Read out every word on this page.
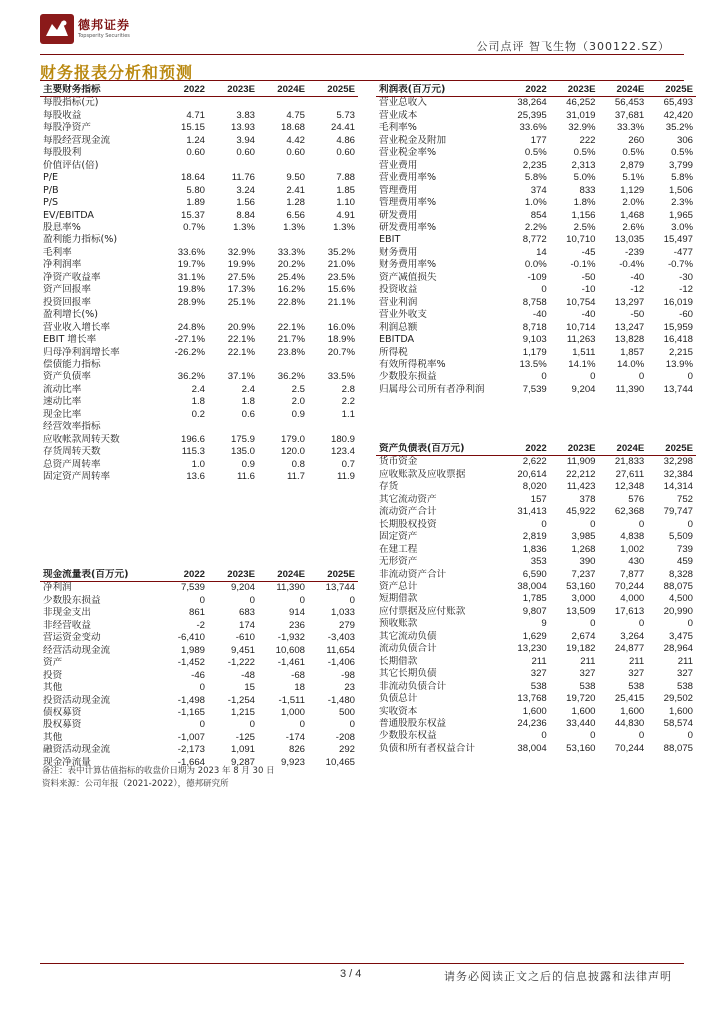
德邦证券
Topsperity Securities
公司点评 智飞生物（300122.SZ）
财务报表分析和预测
主要财务指标	2022	2023E	2024E	2025E
每股指标(元)				
每股收益	4.71	3.83	4.75	5.73
每股净资产	15.15	13.93	18.68	24.41
每股经营现金流	1.24	3.94	4.42	4.86
每股股利	0.60	0.60	0.60	0.60
价值评估(倍)				
P/E	18.64	11.76	9.50	7.88
P/B	5.80	3.24	2.41	1.85
P/S	1.89	1.56	1.28	1.10
EV/EBITDA	15.37	8.84	6.56	4.91
股息率%	0.7%	1.3%	1.3%	1.3%
盈利能力指标(%)				
毛利率	33.6%	32.9%	33.3%	35.2%
净利润率	19.7%	19.9%	20.2%	21.0%
净资产收益率	31.1%	27.5%	25.4%	23.5%
资产回报率	19.8%	17.3%	16.2%	15.6%
投资回报率	28.9%	25.1%	22.8%	21.1%
盈利增长(%)				
营业收入增长率	24.8%	20.9%	22.1%	16.0%
EBIT 增长率	-27.1%	22.1%	21.7%	18.9%
归母净利润增长率	-26.2%	22.1%	23.8%	20.7%
偿债能力指标				
资产负债率	36.2%	37.1%	36.2%	33.5%
流动比率	2.4	2.4	2.5	2.8
速动比率	1.8	1.8	2.0	2.2
现金比率	0.2	0.6	0.9	1.1
经营效率指标				
应收帐款周转天数	196.6	175.9	179.0	180.9
存货周转天数	115.3	135.0	120.0	123.4
总资产周转率	1.0	0.9	0.8	0.7
固定资产周转率	13.6	11.6	11.7	11.9
现金流量表(百万元)	2022	2023E	2024E	2025E
净利润	7,539	9,204	11,390	13,744
少数股东损益	0	0	0	0
非现金支出	861	683	914	1,033
非经营收益	-2	174	236	279
营运资金变动	-6,410	-610	-1,932	-3,403
经营活动现金流	1,989	9,451	10,608	11,654
资产	-1,452	-1,222	-1,461	-1,406
投资	-46	-48	-68	-98
其他	0	15	18	23
投资活动现金流	-1,498	-1,254	-1,511	-1,480
债权募资	-1,165	1,215	1,000	500
股权募资	0	0	0	0
其他	-1,007	-125	-174	-208
融资活动现金流	-2,173	1,091	826	292
现金净流量	-1,664	9,287	9,923	10,465
利润表(百万元)	2022	2023E	2024E	2025E
营业总收入	38,264	46,252	56,453	65,493
营业成本	25,395	31,019	37,681	42,420
毛利率%	33.6%	32.9%	33.3%	35.2%
营业税金及附加	177	222	260	306
营业税金率%	0.5%	0.5%	0.5%	0.5%
营业费用	2,235	2,313	2,879	3,799
营业费用率%	5.8%	5.0%	5.1%	5.8%
管理费用	374	833	1,129	1,506
管理费用率%	1.0%	1.8%	2.0%	2.3%
研发费用	854	1,156	1,468	1,965
研发费用率%	2.2%	2.5%	2.6%	3.0%
EBIT	8,772	10,710	13,035	15,497
财务费用	14	-45	-239	-477
财务费用率%	0.0%	-0.1%	-0.4%	-0.7%
资产减值损失	-109	-50	-40	-30
投资收益	0	-10	-12	-12
营业利润	8,758	10,754	13,297	16,019
营业外收支	-40	-40	-50	-60
利润总额	8,718	10,714	13,247	15,959
EBITDA	9,103	11,263	13,828	16,418
所得税	1,179	1,511	1,857	2,215
有效所得税率%	13.5%	14.1%	14.0%	13.9%
少数股东损益	0	0	0	0
归属母公司所有者净利润	7,539	9,204	11,390	13,744
资产负债表(百万元)	2022	2023E	2024E	2025E
货币资金	2,622	11,909	21,833	32,298
应收账款及应收票据	20,614	22,212	27,611	32,384
存货	8,020	11,423	12,348	14,314
其它流动资产	157	378	576	752
流动资产合计	31,413	45,922	62,368	79,747
长期股权投资	0	0	0	0
固定资产	2,819	3,985	4,838	5,509
在建工程	1,836	1,268	1,002	739
无形资产	353	390	430	459
非流动资产合计	6,590	7,237	7,877	8,328
资产总计	38,004	53,160	70,244	88,075
短期借款	1,785	3,000	4,000	4,500
应付票据及应付账款	9,807	13,509	17,613	20,990
预收账款	9	0	0	0
其它流动负债	1,629	2,674	3,264	3,475
流动负债合计	13,230	19,182	24,877	28,964
长期借款	211	211	211	211
其它长期负债	327	327	327	327
非流动负债合计	538	538	538	538
负债总计	13,768	19,720	25,415	29,502
实收资本	1,600	1,600	1,600	1,600
普通股股东权益	24,236	33,440	44,830	58,574
少数股东权益	0	0	0	0
负债和所有者权益合计	38,004	53,160	70,244	88,075
备注：表中计算估值指标的收盘价日期为 2023 年 8 月 30 日
资料来源：公司年报（2021-2022），德邦研究所
3 / 4	请务必阅读正文之后的信息披露和法律声明
